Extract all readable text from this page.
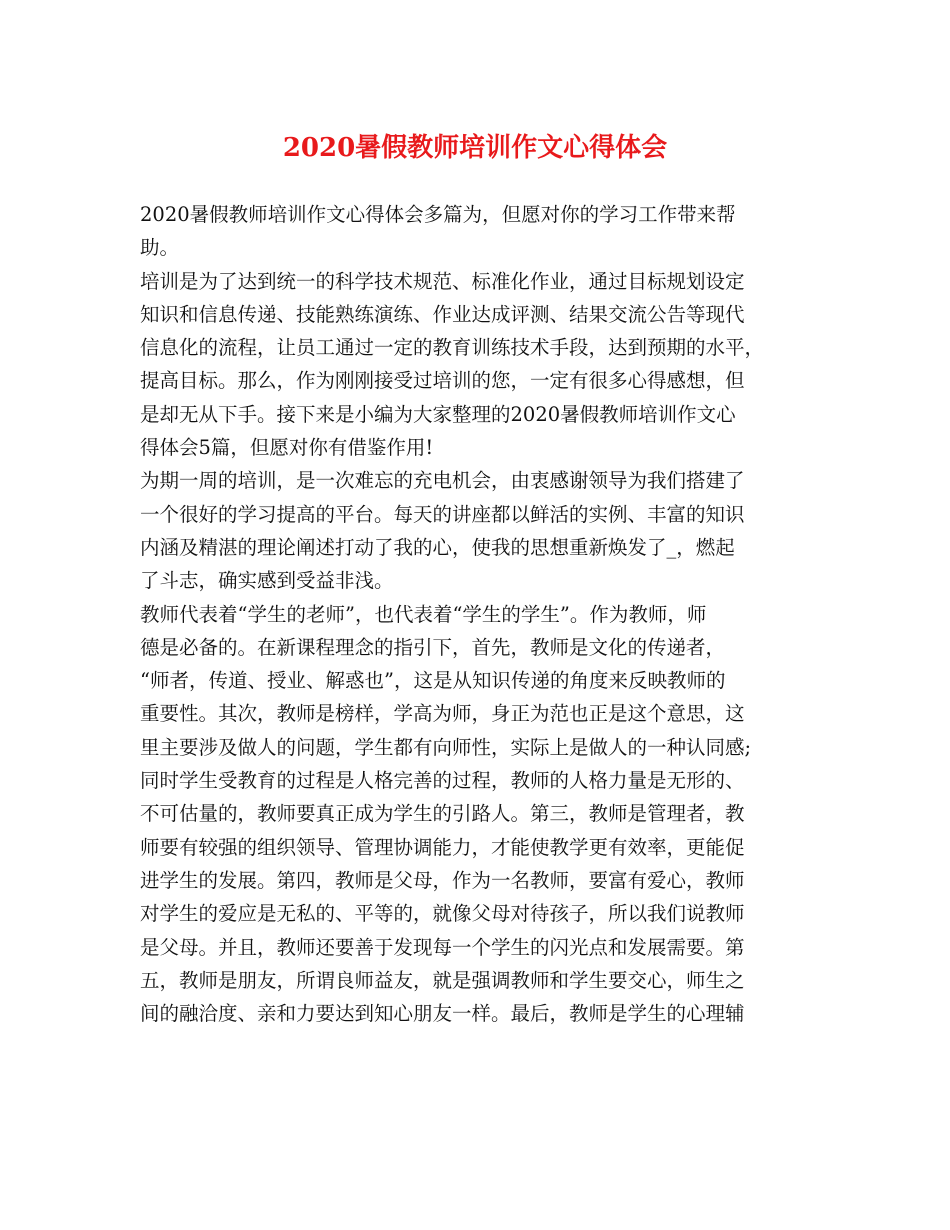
2020暑假教师培训作文心得体会
2020暑假教师培训作文心得体会多篇为，但愿对你的学习工作带来帮
助。
培训是为了达到统一的科学技术规范、标准化作业，通过目标规划设定
知识和信息传递、技能熟练演练、作业达成评测、结果交流公告等现代
信息化的流程，让员工通过一定的教育训练技术手段，达到预期的水平，
提高目标。那么，作为刚刚接受过培训的您，一定有很多心得感想，但
是却无从下手。接下来是小编为大家整理的2020暑假教师培训作文心
得体会5篇，但愿对你有借鉴作用!
为期一周的培训，是一次难忘的充电机会，由衷感谢领导为我们搭建了
一个很好的学习提高的平台。每天的讲座都以鲜活的实例、丰富的知识
内涵及精湛的理论阐述打动了我的心，使我的思想重新焕发了_，燃起
了斗志，确实感到受益非浅。
教师代表着“学生的老师”，也代表着“学生的学生”。作为教师，师
德是必备的。在新课程理念的指引下，首先，教师是文化的传递者，
“师者，传道、授业、解惑也”，这是从知识传递的角度来反映教师的
重要性。其次，教师是榜样，学高为师，身正为范也正是这个意思，这
里主要涉及做人的问题，学生都有向师性，实际上是做人的一种认同感;
同时学生受教育的过程是人格完善的过程，教师的人格力量是无形的、
不可估量的，教师要真正成为学生的引路人。第三，教师是管理者，教
师要有较强的组织领导、管理协调能力，才能使教学更有效率，更能促
进学生的发展。第四，教师是父母，作为一名教师，要富有爱心，教师
对学生的爱应是无私的、平等的，就像父母对待孩子，所以我们说教师
是父母。并且，教师还要善于发现每一个学生的闪光点和发展需要。第
五，教师是朋友，所谓良师益友，就是强调教师和学生要交心，师生之
间的融洽度、亲和力要达到知心朋友一样。最后，教师是学生的心理辅
